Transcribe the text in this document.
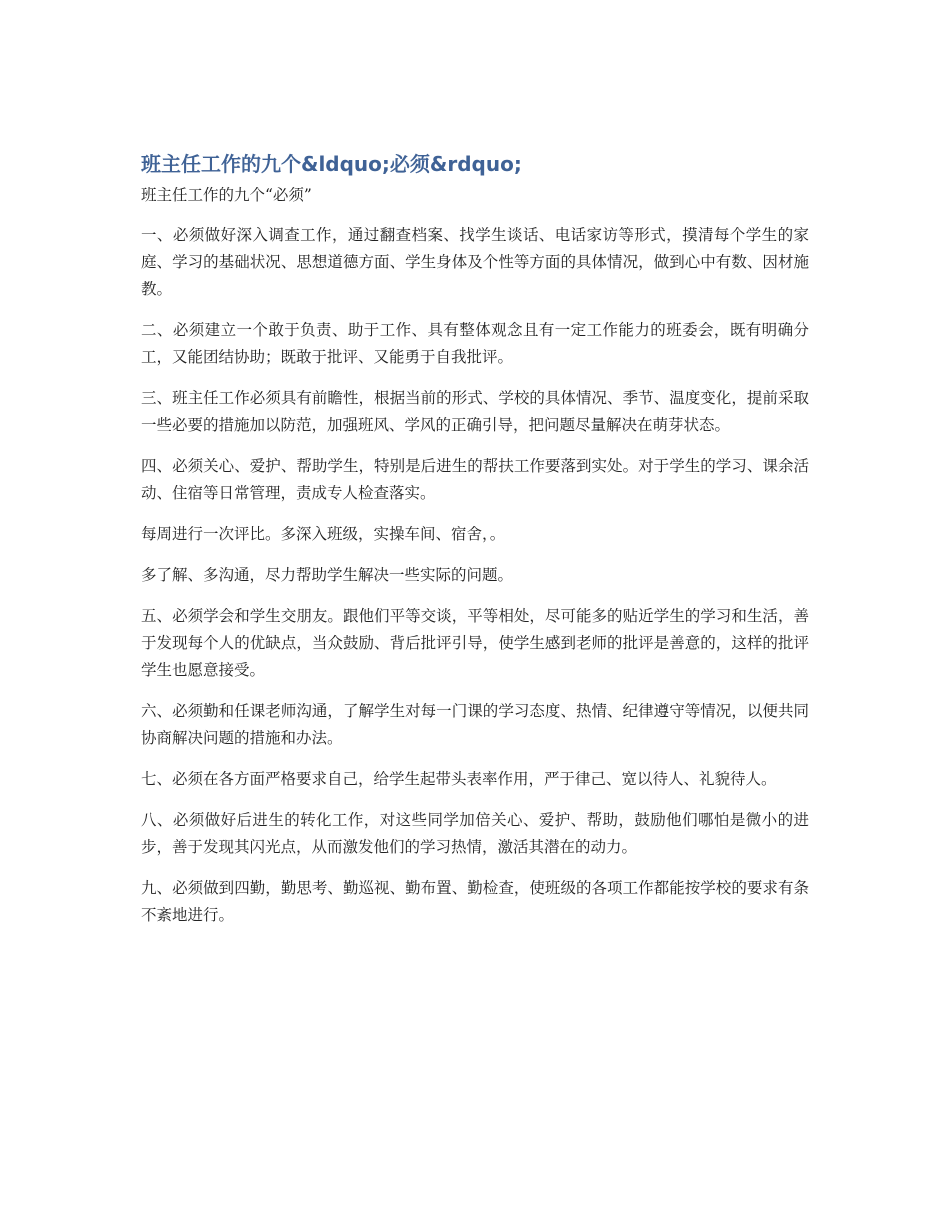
班主任工作的九个&ldquo;必须&rdquo;

班主任工作的九个“必须”

一、必须做好深入调查工作，通过翻查档案、找学生谈话、电话家访等形式，摸清每个学生的家庭、学习的基础状况、思想道德方面、学生身体及个性等方面的具体情况，做到心中有数、因材施教。

二、必须建立一个敢于负责、助于工作、具有整体观念且有一定工作能力的班委会，既有明确分工，又能团结协助；既敢于批评、又能勇于自我批评。

三、班主任工作必须具有前瞻性，根据当前的形式、学校的具体情况、季节、温度变化，提前采取一些必要的措施加以防范，加强班风、学风的正确引导，把问题尽量解决在萌芽状态。

四、必须关心、爱护、帮助学生，特别是后进生的帮扶工作要落到实处。对于学生的学习、课余活动、住宿等日常管理，责成专人检查落实。

每周进行一次评比。多深入班级，实操车间、宿舍，。

多了解、多沟通，尽力帮助学生解决一些实际的问题。

五、必须学会和学生交朋友。跟他们平等交谈，平等相处，尽可能多的贴近学生的学习和生活，善于发现每个人的优缺点，当众鼓励、背后批评引导，使学生感到老师的批评是善意的，这样的批评学生也愿意接受。

六、必须勤和任课老师沟通，了解学生对每一门课的学习态度、热情、纪律遵守等情况，以便共同协商解决问题的措施和办法。

七、必须在各方面严格要求自己，给学生起带头表率作用，严于律己、宽以待人、礼貌待人。

八、必须做好后进生的转化工作，对这些同学加倍关心、爱护、帮助，鼓励他们哪怕是微小的进步，善于发现其闪光点，从而激发他们的学习热情，激活其潜在的动力。

九、必须做到四勤，勤思考、勤巡视、勤布置、勤检查，使班级的各项工作都能按学校的要求有条不紊地进行。
